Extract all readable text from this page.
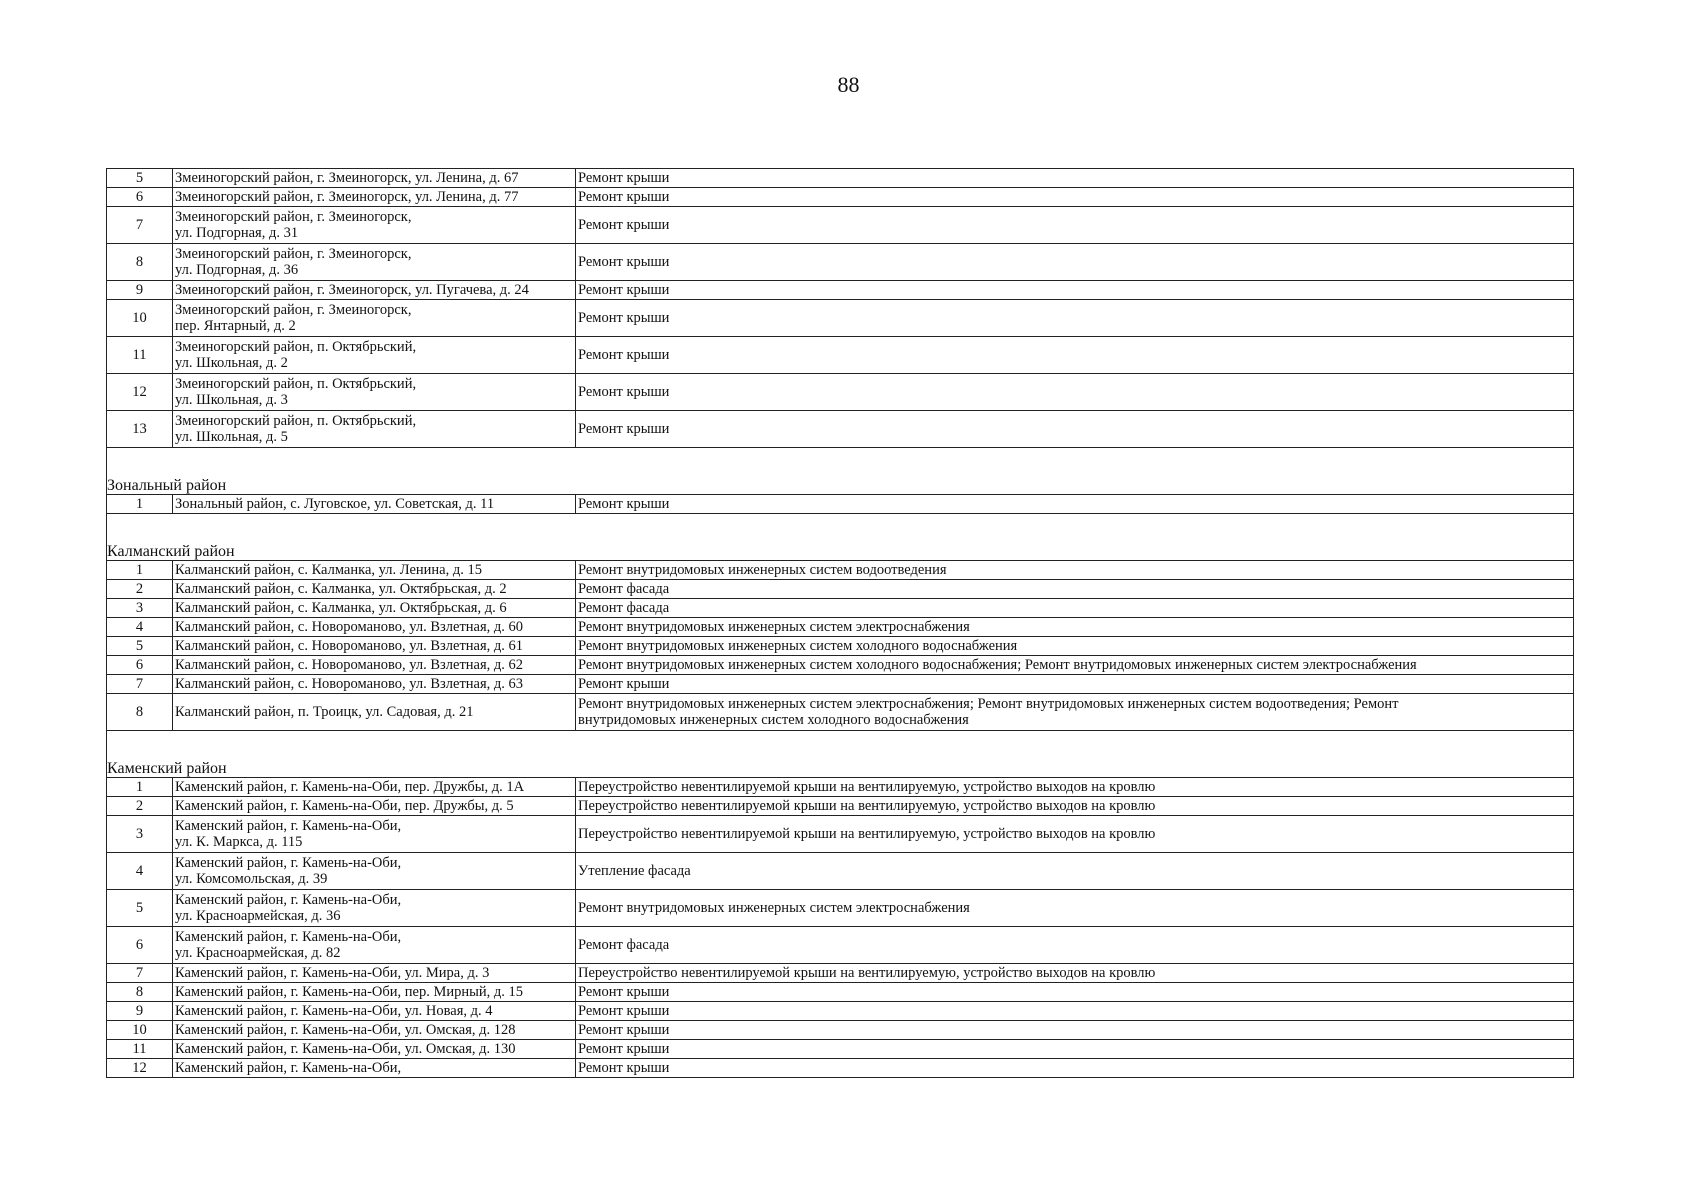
88
5	Змеиногорский район, г. Змеиногорск, ул. Ленина, д. 67	Ремонт крыши

6	Змеиногорский район, г. Змеиногорск, ул. Ленина, д. 77	Ремонт крыши

7	Змеиногорский район, г. Змеиногорск,
ул. Подгорная, д. 31	Ремонт крыши

8	Змеиногорский район, г. Змеиногорск,
ул. Подгорная, д. 36	Ремонт крыши

9	Змеиногорский район, г. Змеиногорск, ул. Пугачева, д. 24	Ремонт крыши

10	Змеиногорский район, г. Змеиногорск,
пер. Янтарный, д. 2	Ремонт крыши

11	Змеиногорский район, п. Октябрьский,
ул. Школьная, д. 2	Ремонт крыши

12	Змеиногорский район, п. Октябрьский,
ул. Школьная, д. 3	Ремонт крыши

13	Змеиногорский район, п. Октябрьский,
ул. Школьная, д. 5	Ремонт крыши

Зональный район		
1	Зональный район, с. Луговское, ул. Советская, д. 11	Ремонт крыши

Калманский район		
1	Калманский район, с. Калманка, ул. Ленина, д. 15	Ремонт внутридомовых инженерных систем водоотведения

2	Калманский район, с. Калманка, ул. Октябрьская, д. 2	Ремонт фасада

3	Калманский район, с. Калманка, ул. Октябрьская, д. 6	Ремонт фасада

4	Калманский район, с. Новороманово, ул. Взлетная, д. 60	Ремонт внутридомовых инженерных систем электроснабжения

5	Калманский район, с. Новороманово, ул. Взлетная, д. 61	Ремонт внутридомовых инженерных систем холодного водоснабжения

6	Калманский район, с. Новороманово, ул. Взлетная, д. 62	Ремонт внутридомовых инженерных систем холодного водоснабжения; Ремонт внутридомовых инженерных систем электроснабжения

7	Калманский район, с. Новороманово, ул. Взлетная, д. 63	Ремонт крыши

8	Калманский район, п. Троицк, ул. Садовая, д. 21	Ремонт внутридомовых инженерных систем электроснабжения; Ремонт внутридомовых инженерных систем водоотведения; Ремонт
внутридомовых инженерных систем холодного водоснабжения

Каменский район		
1	Каменский район, г. Камень-на-Оби, пер. Дружбы, д. 1А	Переустройство невентилируемой крыши на вентилируемую, устройство выходов на кровлю

2	Каменский район, г. Камень-на-Оби, пер. Дружбы, д. 5	Переустройство невентилируемой крыши на вентилируемую, устройство выходов на кровлю

3	Каменский район, г. Камень-на-Оби,
ул. К. Маркса, д. 115	Переустройство невентилируемой крыши на вентилируемую, устройство выходов на кровлю

4	Каменский район, г. Камень-на-Оби,
ул. Комсомольская, д. 39	Утепление фасада

5	Каменский район, г. Камень-на-Оби,
ул. Красноармейская, д. 36	Ремонт внутридомовых инженерных систем электроснабжения

6	Каменский район, г. Камень-на-Оби,
ул. Красноармейская, д. 82	Ремонт фасада

7	Каменский район, г. Камень-на-Оби, ул. Мира, д. 3	Переустройство невентилируемой крыши на вентилируемую, устройство выходов на кровлю

8	Каменский район, г. Камень-на-Оби, пер. Мирный, д. 15	Ремонт крыши

9	Каменский район, г. Камень-на-Оби, ул. Новая, д. 4	Ремонт крыши

10	Каменский район, г. Камень-на-Оби, ул. Омская, д. 128	Ремонт крыши

11	Каменский район, г. Камень-на-Оби, ул. Омская, д. 130	Ремонт крыши

12	Каменский район, г. Камень-на-Оби,	Ремонт крыши
